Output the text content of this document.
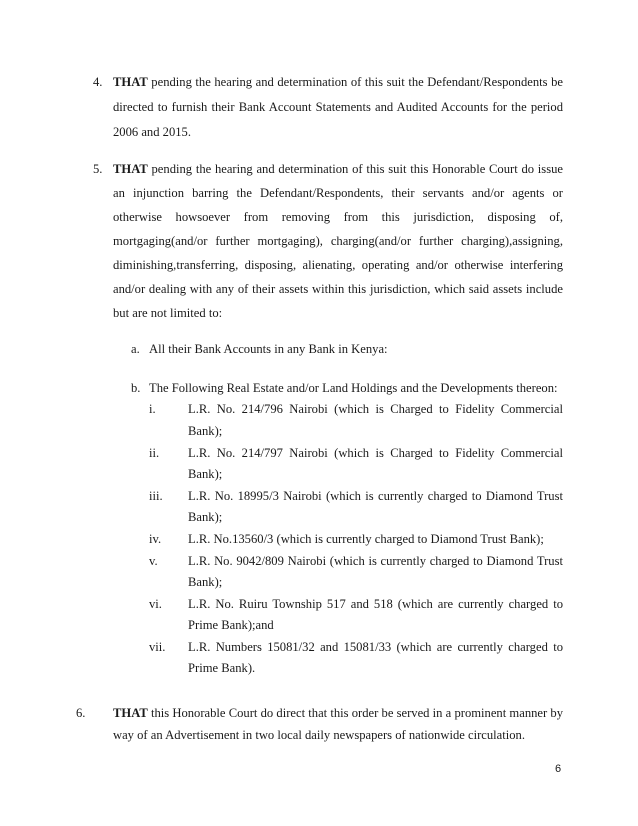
4. THAT pending the hearing and determination of this suit the Defendant/Respondents be
directed to furnish their Bank Account Statements and Audited Accounts for the period
2006 and 2015.
5. THAT pending the hearing and determination of this suit this Honorable Court do issue
an injunction barring the Defendant/Respondents, their servants and/or agents or
otherwise howsoever from removing from this jurisdiction, disposing of,
mortgaging(and/or further mortgaging), charging(and/or further charging),assigning,
diminishing,transferring, disposing, alienating, operating and/or otherwise interfering
and/or dealing with any of their assets within this jurisdiction, which said assets include
but are not limited to:
a. All their Bank Accounts in any Bank in Kenya:
b. The Following Real Estate and/or Land Holdings and the Developments thereon:
i.	L.R. No. 214/796 Nairobi (which is Charged to Fidelity Commercial
Bank);
ii. L.R. No. 214/797 Nairobi (which is Charged to Fidelity Commercial
Bank);
iii. L.R. No. 18995/3 Nairobi (which is currently charged to Diamond Trust
Bank);
iv. L.R. No.13560/3 (which is currently charged to Diamond Trust Bank);
v. L.R. No. 9042/809 Nairobi (which is currently charged to Diamond Trust
Bank);
vi. L.R. No. Ruiru Township 517 and 518 (which are currently charged to
Prime Bank);and
vii. L.R. Numbers 15081/32 and 15081/33 (which are currently charged to
Prime Bank).
6. THAT this Honorable Court do direct that this order be served in a prominent manner by
way of an Advertisement in two local daily newspapers of nationwide circulation.
6
